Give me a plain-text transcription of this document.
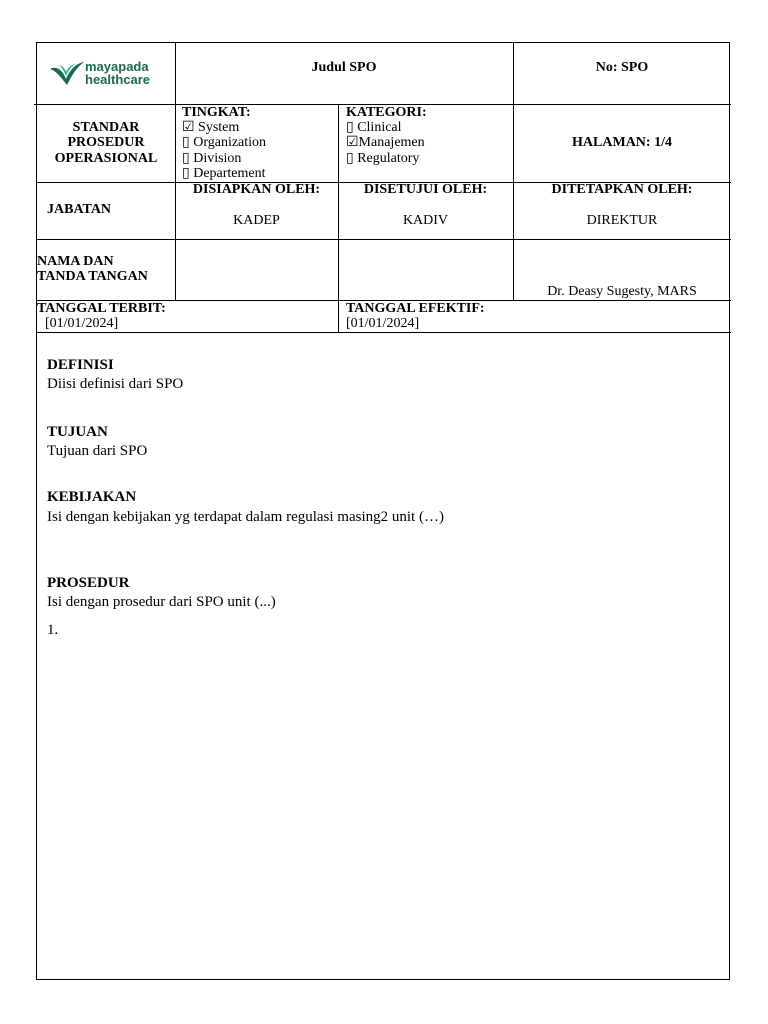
mayapada
healthcare
Judul SPO	No: SPO
STANDAR
PROSEDUR
OPERASIONAL
TINGKAT:
☑ System
▯ Organization
▯ Division
▯ Departement
KATEGORI:
▯ Clinical
☑Manajemen
▯ Regulatory
HALAMAN: 1/4
JABATAN
DISIAPKAN OLEH:
KADEP
DISETUJUI OLEH:
KADIV
DITETAPKAN OLEH:
DIREKTUR
NAMA DAN
TANDA TANGAN
Dr. Deasy Sugesty, MARS
TANGGAL TERBIT:
[01/01/2024]
TANGGAL EFEKTIF:
[01/01/2024]
DEFINISI
Diisi definisi dari SPO
TUJUAN
Tujuan dari SPO
KEBIJAKAN
Isi dengan kebijakan yg terdapat dalam regulasi masing2 unit (…)
PROSEDUR
Isi dengan prosedur dari SPO unit (...)
1.
